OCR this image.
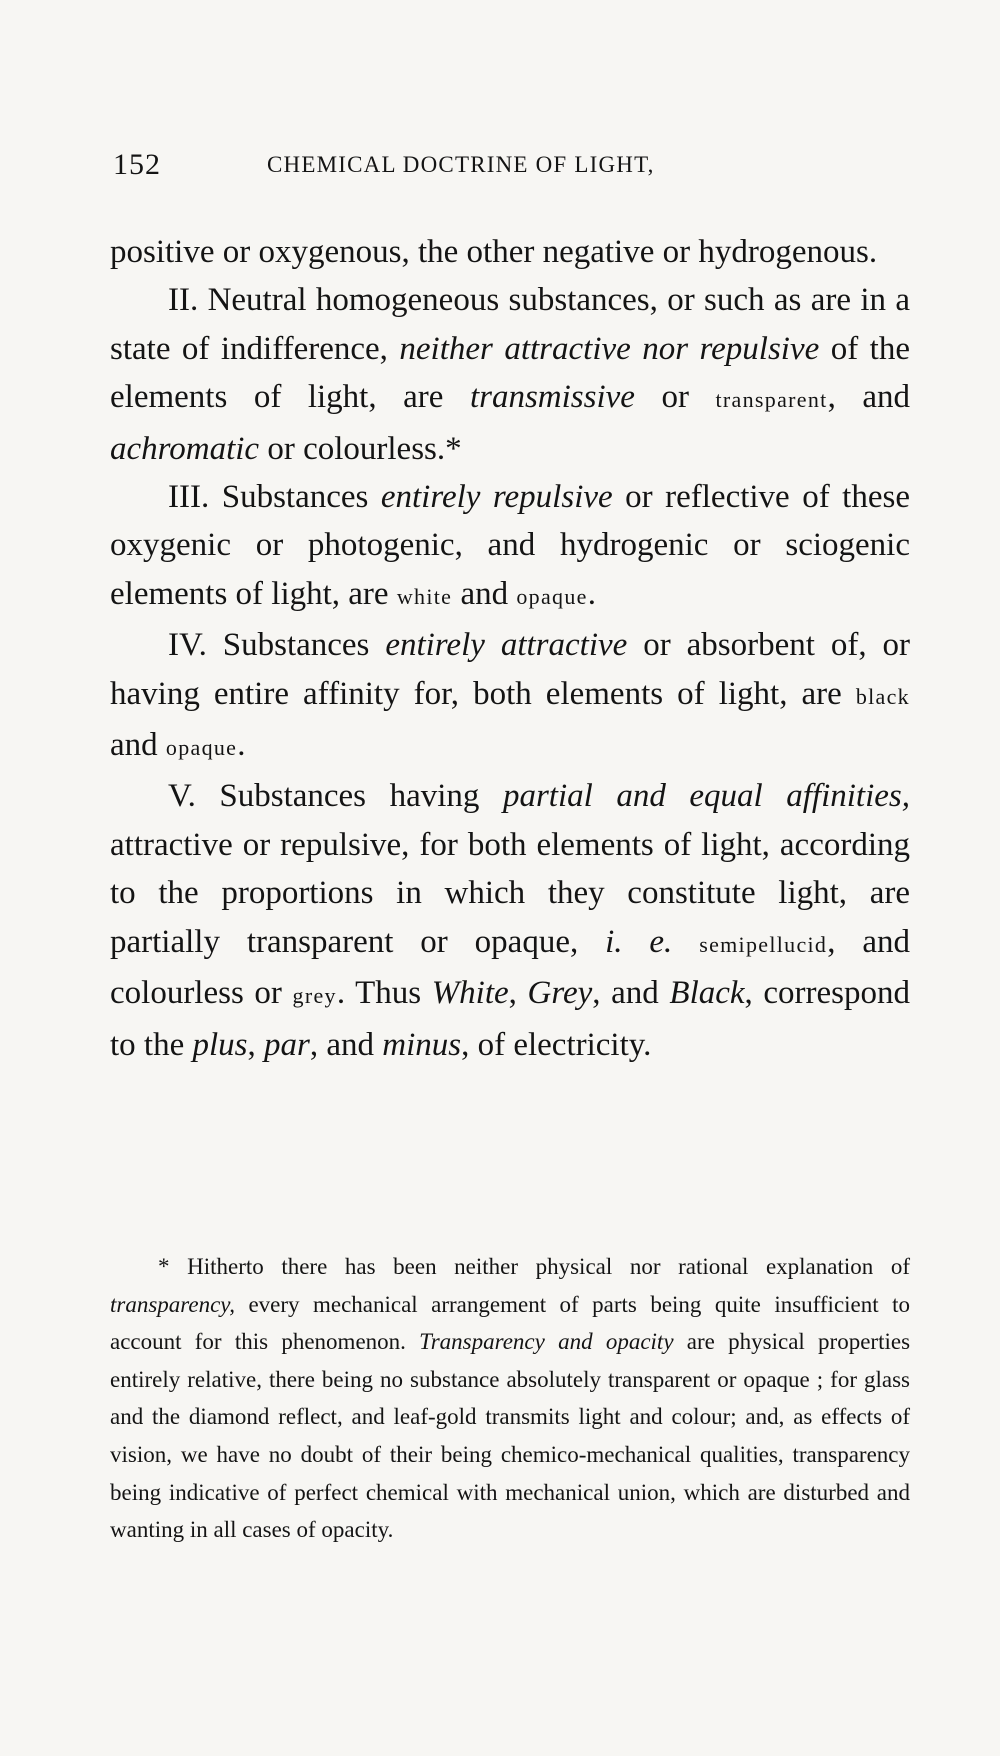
152	CHEMICAL DOCTRINE OF LIGHT,

positive or oxygenous, the other negative or hydrogenous.

II. Neutral homogeneous substances, or such as are in a state of indifference, neither attractive nor repulsive of the elements of light, are transmissive or transparent, and achromatic or colourless.*

III. Substances entirely repulsive or reflective of these oxygenic or photogenic, and hydrogenic or sciogenic elements of light, are white and opaque.

IV. Substances entirely attractive or absorbent of, or having entire affinity for, both elements of light, are black and opaque.

V. Substances having partial and equal affinities, attractive or repulsive, for both elements of light, according to the proportions in which they constitute light, are partially transparent or opaque, i. e. semipellucid, and colourless or grey. Thus White, Grey, and Black, correspond to the plus, par, and minus, of electricity.

* Hitherto there has been neither physical nor rational explanation of transparency, every mechanical arrangement of parts being quite insufficient to account for this phenomenon. Transparency and opacity are physical properties entirely relative, there being no substance absolutely transparent or opaque ; for glass and the diamond reflect, and leaf-gold transmits light and colour; and, as effects of vision, we have no doubt of their being chemico-mechanical qualities, transparency being indicative of perfect chemical with mechanical union, which are disturbed and wanting in all cases of opacity.
